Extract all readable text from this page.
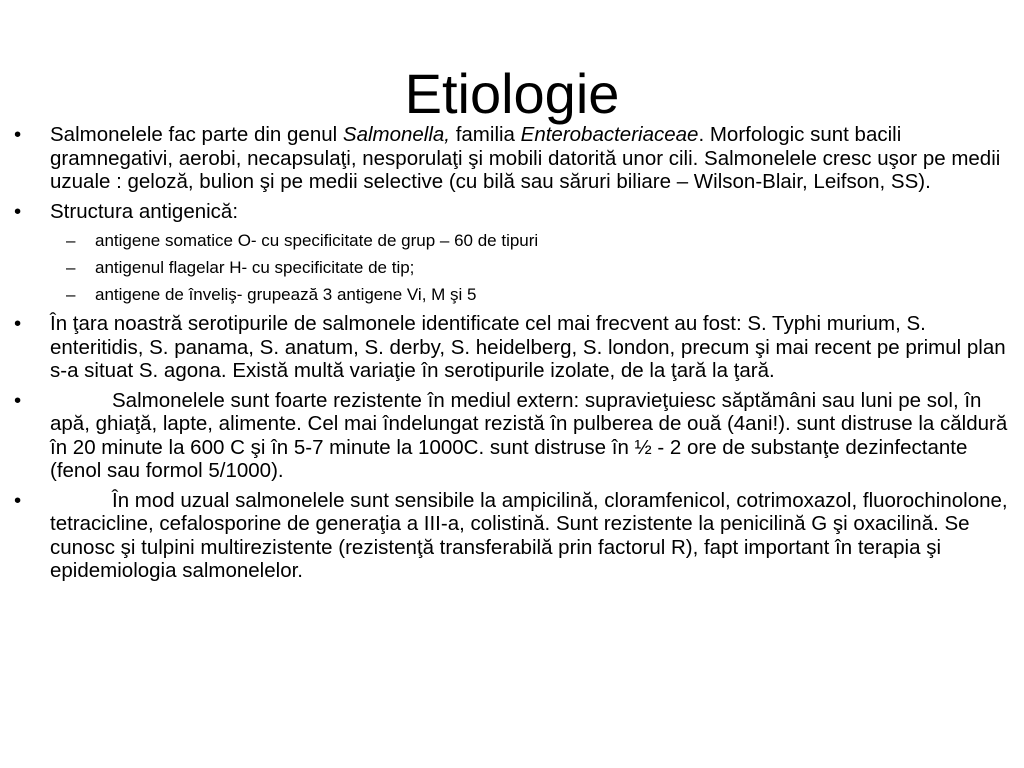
Etiologie
• Salmonelele fac parte din genul Salmonella, familia Enterobacteriaceae. Morfologic sunt bacili gramnegativi, aerobi, necapsulaţi, nesporulaţi şi mobili datorită unor cili. Salmonelele cresc uşor pe medii uzuale : geloză, bulion şi pe medii selective (cu bilă sau săruri biliare – Wilson-Blair, Leifson, SS).
• Structura antigenică:
– antigene somatice O- cu specificitate de grup – 60 de tipuri
– antigenul flagelar H- cu specificitate de tip;
– antigene de înveliş- grupează 3 antigene Vi, M şi 5
• În ţara noastră serotipurile de salmonele identificate cel mai frecvent au fost: S. Typhi murium, S. enteritidis, S. panama, S. anatum, S. derby, S. heidelberg, S. london, precum şi mai recent pe primul plan s-a situat S. agona. Există multă variaţie în serotipurile izolate, de la ţară la ţară.
•	Salmonelele sunt foarte rezistente în mediul extern: supravieţuiesc săptămâni sau luni pe sol, în apă, ghiaţă, lapte, alimente. Cel mai îndelungat rezistă în pulberea de ouă (4ani!). sunt distruse la căldură în 20 minute la 600 C şi în 5-7 minute la 1000C. sunt distruse în ½ - 2 ore de substanţe dezinfectante (fenol sau formol 5/1000).
•	În mod uzual salmonelele sunt sensibile la ampicilină, cloramfenicol, cotrimoxazol, fluorochinolone, tetracicline, cefalosporine de generaţia a III-a, colistină. Sunt rezistente la penicilină G şi oxacilină. Se cunosc şi tulpini multirezistente (rezistenţă transferabilă prin factorul R), fapt important în terapia şi epidemiologia salmonelelor.
